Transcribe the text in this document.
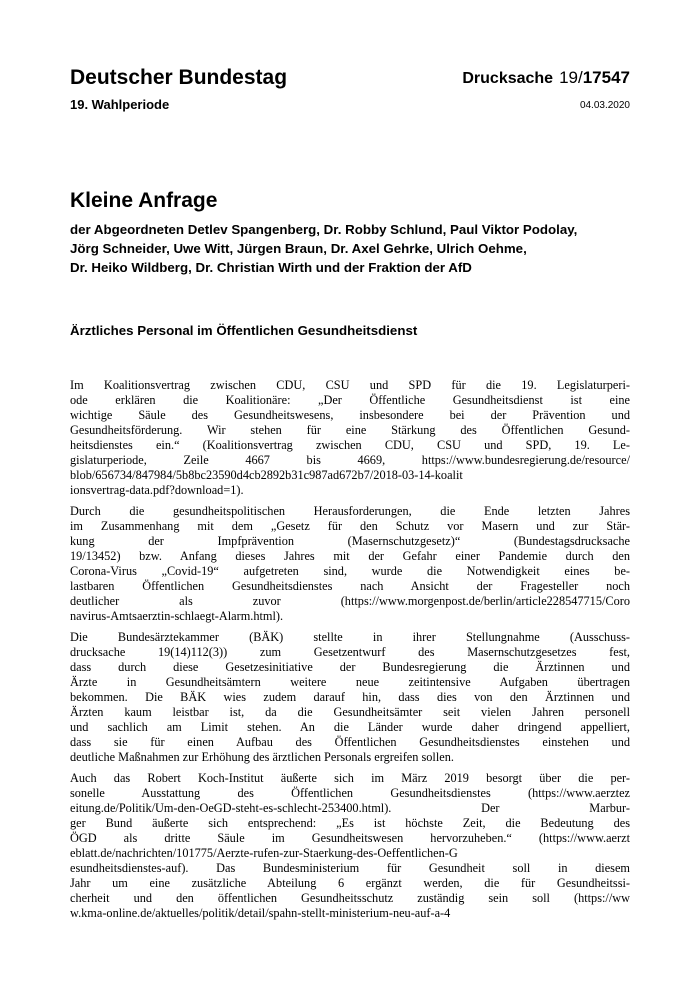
Deutscher Bundestag
19. Wahlperiode
Drucksache 19/17547
04.03.2020
Kleine Anfrage
der Abgeordneten Detlev Spangenberg, Dr. Robby Schlund, Paul Viktor Podolay,
Jörg Schneider, Uwe Witt, Jürgen Braun, Dr. Axel Gehrke, Ulrich Oehme,
Dr. Heiko Wildberg, Dr. Christian Wirth und der Fraktion der AfD
Ärztliches Personal im Öffentlichen Gesundheitsdienst
Im Koalitionsvertrag zwischen CDU, CSU und SPD für die 19. Legislaturperi-
ode erklären die Koalitionäre: „Der Öffentliche Gesundheitsdienst ist eine
wichtige Säule des Gesundheitswesens, insbesondere bei der Prävention und
Gesundheitsförderung. Wir stehen für eine Stärkung des Öffentlichen Gesund-
heitsdienstes ein.“ (Koalitionsvertrag zwischen CDU, CSU und SPD, 19. Le-
gislaturperiode, Zeile 4667 bis 4669, https://www.bundesregierung.de/resource/
blob/656734/847984/5b8bc23590d4cb2892b31c987ad672b7/2018-03-14-koalit
ionsvertrag-data.pdf?download=1).
Durch die gesundheitspolitischen Herausforderungen, die Ende letzten Jahres
im Zusammenhang mit dem „Gesetz für den Schutz vor Masern und zur Stär-
kung der Impfprävention (Masernschutzgesetz)“ (Bundestagsdrucksache
19/13452) bzw. Anfang dieses Jahres mit der Gefahr einer Pandemie durch den
Corona-Virus „Covid-19“ aufgetreten sind, wurde die Notwendigkeit eines be-
lastbaren Öffentlichen Gesundheitsdienstes nach Ansicht der Fragesteller noch
deutlicher als zuvor (https://www.morgenpost.de/berlin/article228547715/Coro
navirus-Amtsaerztin-schlaegt-Alarm.html).
Die Bundesärztekammer (BÄK) stellte in ihrer Stellungnahme (Ausschuss-
drucksache 19(14)112(3)) zum Gesetzentwurf des Masernschutzgesetzes fest,
dass durch diese Gesetzesinitiative der Bundesregierung die Ärztinnen und
Ärzte in Gesundheitsämtern weitere neue zeitintensive Aufgaben übertragen
bekommen. Die BÄK wies zudem darauf hin, dass dies von den Ärztinnen und
Ärzten kaum leistbar ist, da die Gesundheitsämter seit vielen Jahren personell
und sachlich am Limit stehen. An die Länder wurde daher dringend appelliert,
dass sie für einen Aufbau des Öffentlichen Gesundheitsdienstes einstehen und
deutliche Maßnahmen zur Erhöhung des ärztlichen Personals ergreifen sollen.
Auch das Robert Koch-Institut äußerte sich im März 2019 besorgt über die per-
sonelle Ausstattung des Öffentlichen Gesundheitsdienstes (https://www.aerztez
eitung.de/Politik/Um-den-OeGD-steht-es-schlecht-253400.html). Der Marbur-
ger Bund äußerte sich entsprechend: „Es ist höchste Zeit, die Bedeutung des
ÖGD als dritte Säule im Gesundheitswesen hervorzuheben.“ (https://www.aerzt
eblatt.de/nachrichten/101775/Aerzte-rufen-zur-Staerkung-des-Oeffentlichen-G
esundheitsdienstes-auf). Das Bundesministerium für Gesundheit soll in diesem
Jahr um eine zusätzliche Abteilung 6 ergänzt werden, die für Gesundheitssi-
cherheit und den öffentlichen Gesundheitsschutz zuständig sein soll (https://ww
w.kma-online.de/aktuelles/politik/detail/spahn-stellt-ministerium-neu-auf-a-4
